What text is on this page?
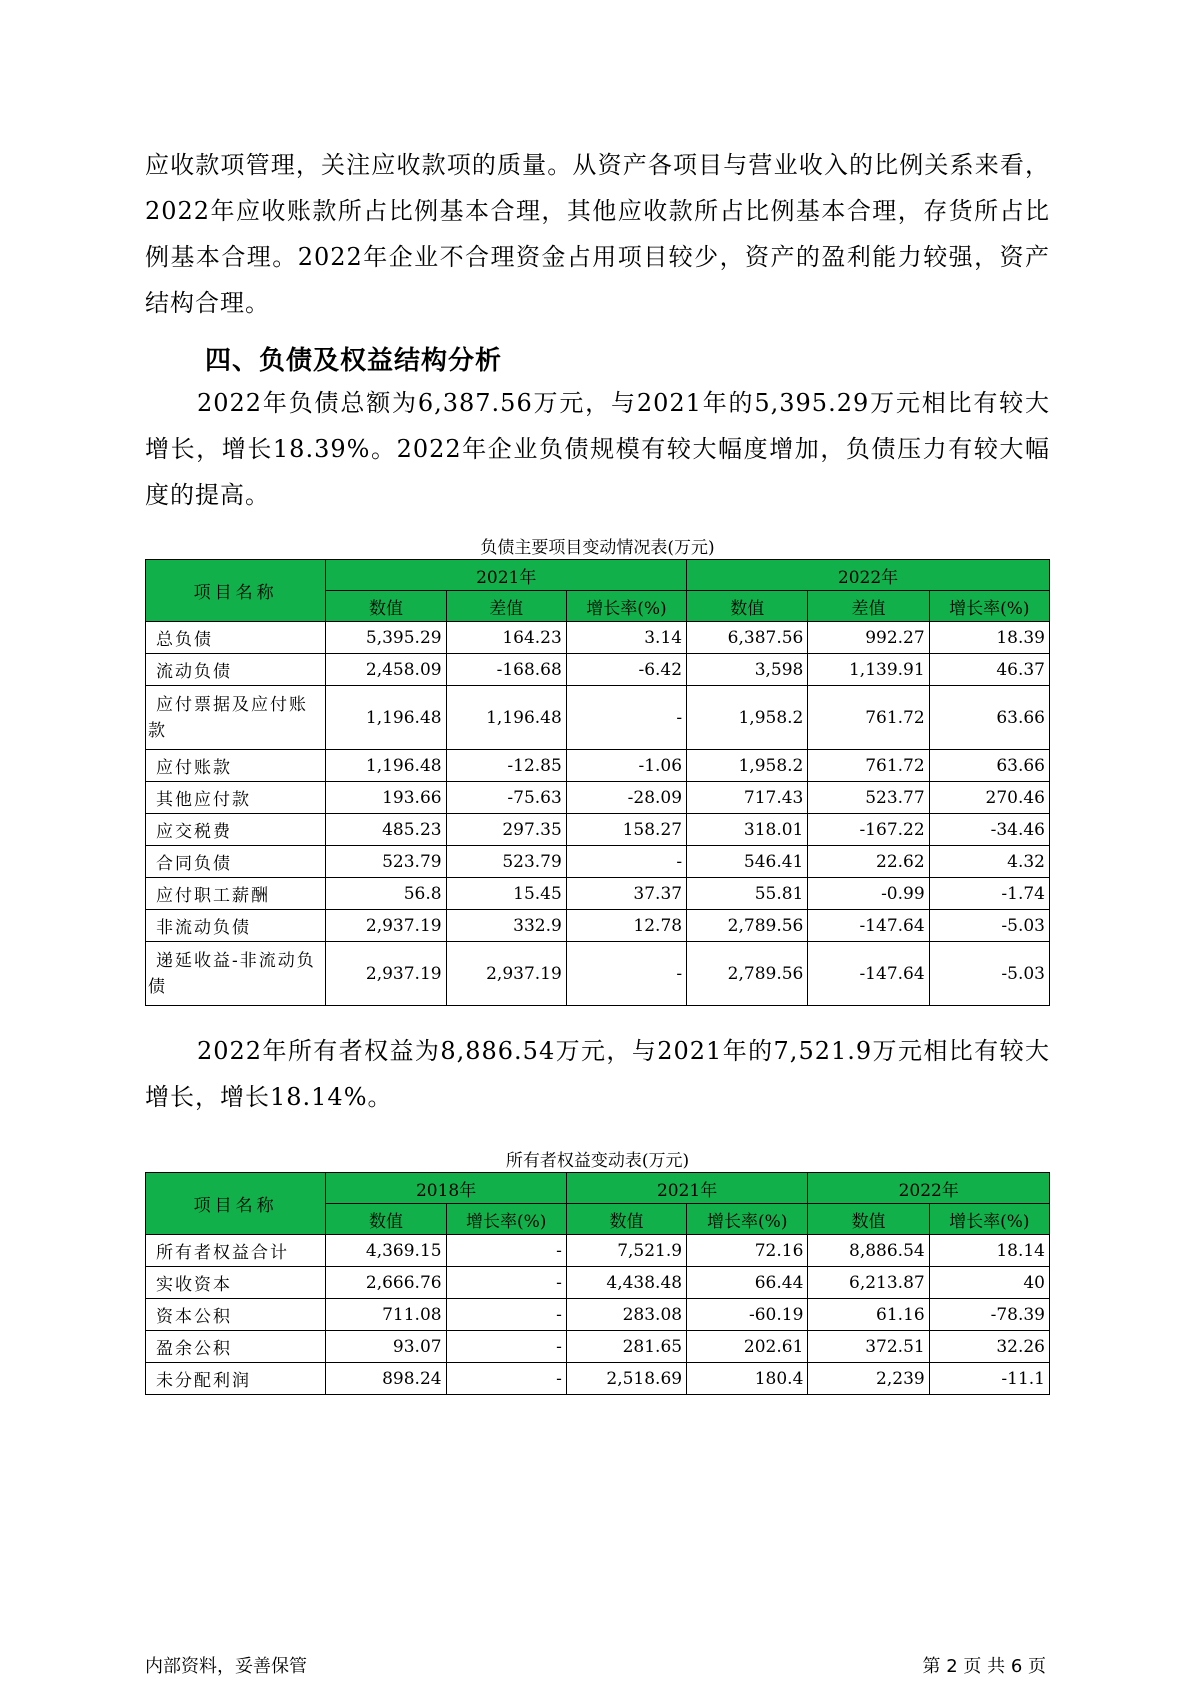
应收款项管理，关注应收款项的质量。从资产各项目与营业收入的比例关系来看，2022年应收账款所占比例基本合理，其他应收款所占比例基本合理，存货所占比例基本合理。2022年企业不合理资金占用项目较少，资产的盈利能力较强，资产结构合理。

四、负债及权益结构分析

2022年负债总额为6,387.56万元，与2021年的5,395.29万元相比有较大增长，增长18.39%。2022年企业负债规模有较大幅度增加，负债压力有较大幅度的提高。

负债主要项目变动情况表(万元)

项目名称	2021年			2022年		
	数值	差值	增长率(%)	数值	差值	增长率(%)
总负债	5,395.29	164.23	3.14	6,387.56	992.27	18.39
流动负债	2,458.09	-168.68	-6.42	3,598	1,139.91	46.37
应付票据及应付账款	1,196.48	1,196.48	-	1,958.2	761.72	63.66
应付账款	1,196.48	-12.85	-1.06	1,958.2	761.72	63.66
其他应付款	193.66	-75.63	-28.09	717.43	523.77	270.46
应交税费	485.23	297.35	158.27	318.01	-167.22	-34.46
合同负债	523.79	523.79	-	546.41	22.62	4.32
应付职工薪酬	56.8	15.45	37.37	55.81	-0.99	-1.74
非流动负债	2,937.19	332.9	12.78	2,789.56	-147.64	-5.03
递延收益-非流动负债	2,937.19	2,937.19	-	2,789.56	-147.64	-5.03

2022年所有者权益为8,886.54万元，与2021年的7,521.9万元相比有较大增长，增长18.14%。

所有者权益变动表(万元)

项目名称	2018年		2021年		2022年	
	数值	增长率(%)	数值	增长率(%)	数值	增长率(%)
所有者权益合计	4,369.15	-	7,521.9	72.16	8,886.54	18.14
实收资本	2,666.76	-	4,438.48	66.44	6,213.87	40
资本公积	711.08	-	283.08	-60.19	61.16	-78.39
盈余公积	93.07	-	281.65	202.61	372.51	32.26
未分配利润	898.24	-	2,518.69	180.4	2,239	-11.1

内部资料，妥善保管	第 2 页 共 6 页
